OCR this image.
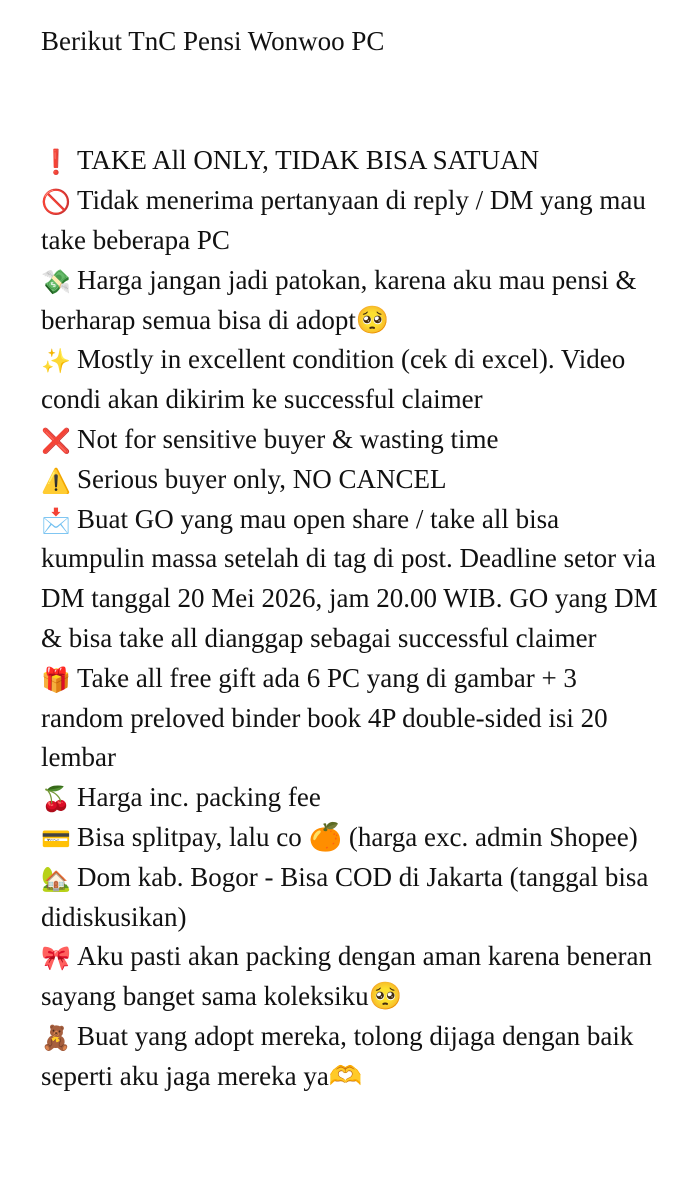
Berikut TnC Pensi Wonwoo PC

❗ TAKE All ONLY, TIDAK BISA SATUAN

🚫 Tidak menerima pertanyaan di reply / DM yang mau take beberapa PC

💸 Harga jangan jadi patokan, karena aku mau pensi & berharap semua bisa di adopt🥺

✨ Mostly in excellent condition (cek di excel). Video condi akan dikirim ke successful claimer

❌ Not for sensitive buyer & wasting time

⚠️ Serious buyer only, NO CANCEL

📩 Buat GO yang mau open share / take all bisa kumpulin massa setelah di tag di post. Deadline setor via DM tanggal 20 Mei 2026, jam 20.00 WIB. GO yang DM & bisa take all dianggap sebagai successful claimer

🎁 Take all free gift ada 6 PC yang di gambar + 3 random preloved binder book 4P double-sided isi 20 lembar

🍒 Harga inc. packing fee

💳 Bisa splitpay, lalu co 🍊 (harga exc. admin Shopee)

🏡 Dom kab. Bogor - Bisa COD di Jakarta (tanggal bisa didiskusikan)

🎀 Aku pasti akan packing dengan aman karena beneran sayang banget sama koleksiku🥺

🧸 Buat yang adopt mereka, tolong dijaga dengan baik seperti aku jaga mereka ya🫶
